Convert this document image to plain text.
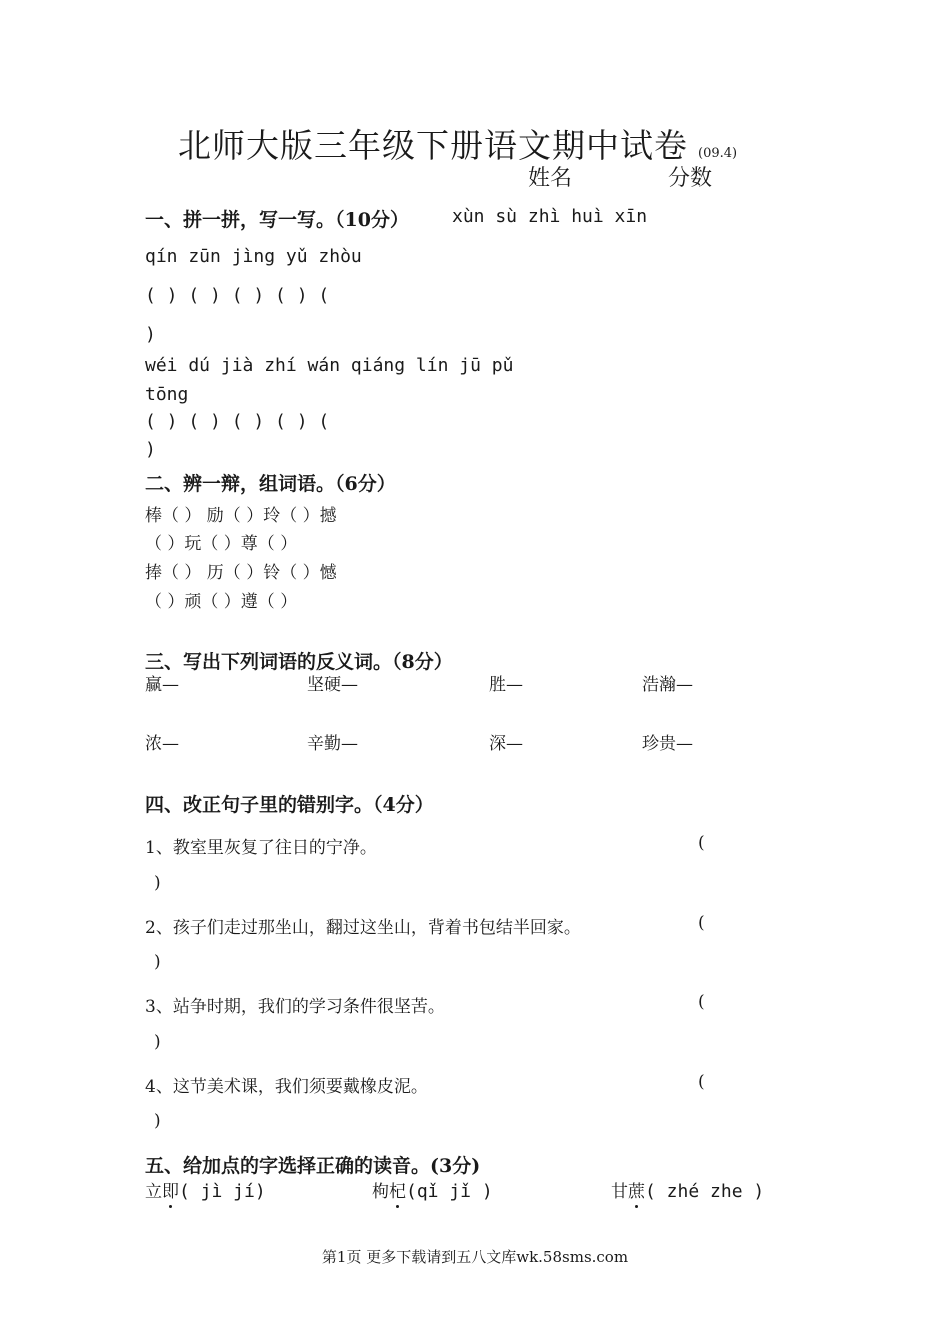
北师大版三年级下册语文期中试卷 (09.4)
姓名	分数
一、拼一拼，写一写。（10分） xùn sù zhì huì xīn
qín zūn jìng yǔ zhòu
( ) ( ) ( ) ( ) (
)
wéi dú jià zhí wán qiáng lín jū pǔ
tōng
( ) ( ) ( ) ( ) (
)
二、辨一辩，组词语。（6分）
棒（ ） 励（ ）玲（ ）撼
（ ）玩（ ）尊（ ）
捧（ ） 历（ ）铃（ ）憾
（ ）顽（ ）遵（ ）
三、写出下列词语的反义词。（8分）
赢—	坚硬—	胜—	浩瀚—
浓—	辛勤—	深—	珍贵—
四、改正句子里的错别字。（4分）
1、教室里灰复了往日的宁净。	(
)
2、孩子们走过那坐山，翻过这坐山，背着书包结半回家。	(
)
3、站争时期，我们的学习条件很坚苦。	(
)
4、这节美术课，我们须要戴橡皮泥。	(
)
五、给加点的字选择正确的读音。(3分)
立即( jì jí)	枸杞(qǐ jǐ )	甘蔗( zhé zhe )
第1页 更多下载请到五八文库wk.58sms.com
